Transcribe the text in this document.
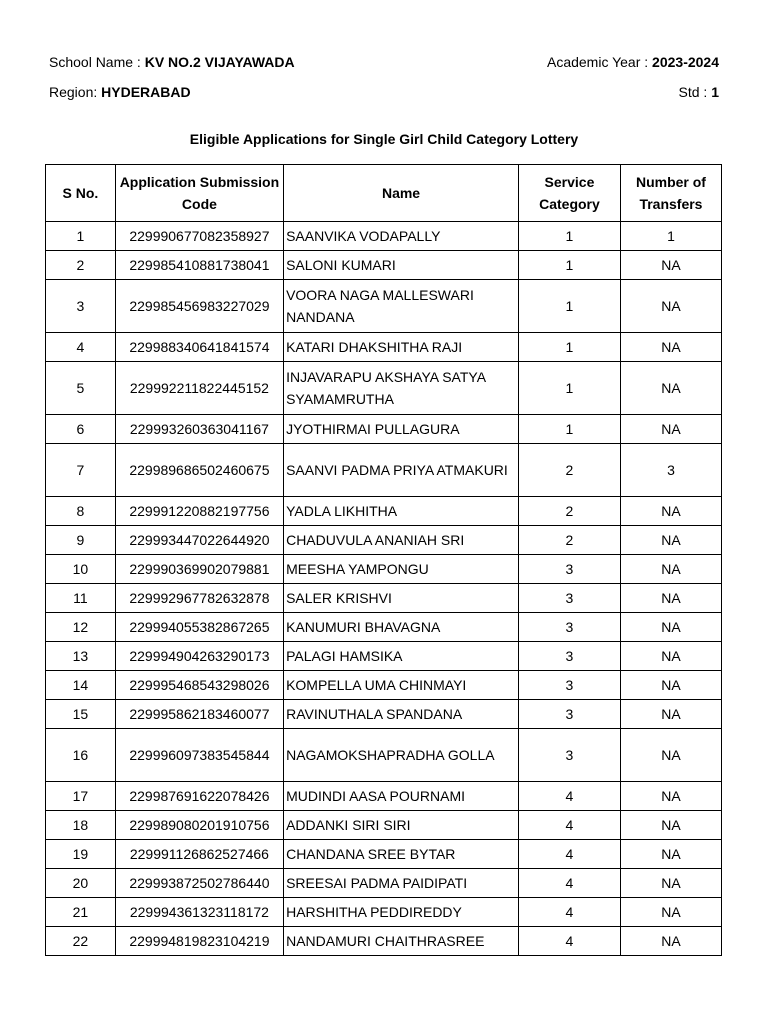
School Name : KV NO.2 VIJAYAWADA	Academic Year : 2023-2024
Region: HYDERABAD	Std : 1
Eligible Applications for Single Girl Child Category Lottery
S No.	Application Submission Code	Name	Service Category	Number of Transfers
1	229990677082358927	SAANVIKA VODAPALLY	1	1
2	229985410881738041	SALONI KUMARI	1	NA
3	229985456983227029	VOORA NAGA MALLESWARI NANDANA	1	NA
4	229988340641841574	KATARI DHAKSHITHA RAJI	1	NA
5	229992211822445152	INJAVARAPU AKSHAYA SATYA SYAMAMRUTHA	1	NA
6	229993260363041167	JYOTHIRMAI PULLAGURA	1	NA
7	229989686502460675	SAANVI PADMA PRIYA ATMAKURI	2	3
8	229991220882197756	YADLA LIKHITHA	2	NA
9	229993447022644920	CHADUVULA ANANIAH SRI	2	NA
10	229990369902079881	MEESHA YAMPONGU	3	NA
11	229992967782632878	SALER KRISHVI	3	NA
12	229994055382867265	KANUMURI BHAVAGNA	3	NA
13	229994904263290173	PALAGI HAMSIKA	3	NA
14	229995468543298026	KOMPELLA UMA CHINMAYI	3	NA
15	229995862183460077	RAVINUTHALA SPANDANA	3	NA
16	229996097383545844	NAGAMOKSHAPRADHA GOLLA	3	NA
17	229987691622078426	MUDINDI AASA POURNAMI	4	NA
18	229989080201910756	ADDANKI SIRI SIRI	4	NA
19	229991126862527466	CHANDANA SREE BYTAR	4	NA
20	229993872502786440	SREESAI PADMA PAIDIPATI	4	NA
21	229994361323118172	HARSHITHA PEDDIREDDY	4	NA
22	229994819823104219	NANDAMURI CHAITHRASREE	4	NA
